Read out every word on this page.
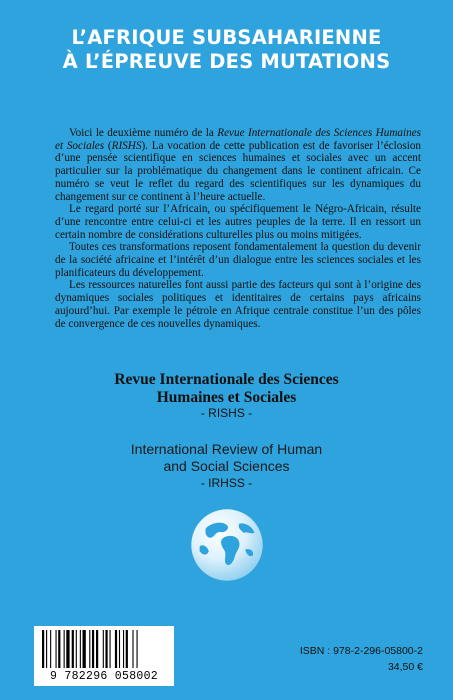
L’AFRIQUE SUBSAHARIENNE
À L’ÉPREUVE DES MUTATIONS

Voici le deuxième numéro de la Revue Internationale des Sciences Humaines et Sociales (RISHS). La vocation de cette publication est de favoriser l’éclosion d’une pensée scientifique en sciences humaines et sociales avec un accent particulier sur la problématique du changement dans le continent africain. Ce numéro se veut le reflet du regard des scientifiques sur les dynamiques du changement sur ce continent à l’heure actuelle.

Le regard porté sur l’Africain, ou spécifiquement le Négro-Africain, résulte d’une rencontre entre celui-ci et les autres peuples de la terre. Il en ressort un certain nombre de considérations culturelles plus ou moins mitigées.

Toutes ces transformations reposent fondamentalement la question du devenir de la société africaine et l’intérêt d’un dialogue entre les sciences sociales et les planificateurs du développement.

Les ressources naturelles font aussi partie des facteurs qui sont à l’origine des dynamiques sociales politiques et identitaires de certains pays africains aujourd’hui. Par exemple le pétrole en Afrique centrale constitue l’un des pôles de convergence de ces nouvelles dynamiques.

Revue Internationale des Sciences
Humaines et Sociales
- RISHS -
International Review of Human
and Social Sciences
- IRHSS -
9 782296 058002
ISBN : 978-2-296-05800-2
34,50 €
